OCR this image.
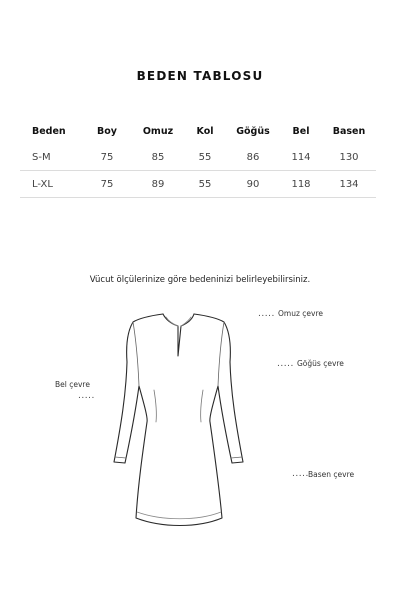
BEDEN TABLOSU
Beden	Boy	Omuz	Kol	Göğüs	Bel	Basen
S-M	75	85	55	86	114	130
L-XL	75	89	55	90	118	134
Vücut ölçülerinize göre bedeninizi belirleyebilirsiniz.
..... Omuz çevre
..... Göğüs çevre
Bel çevre
.....
..... Basen çevre
